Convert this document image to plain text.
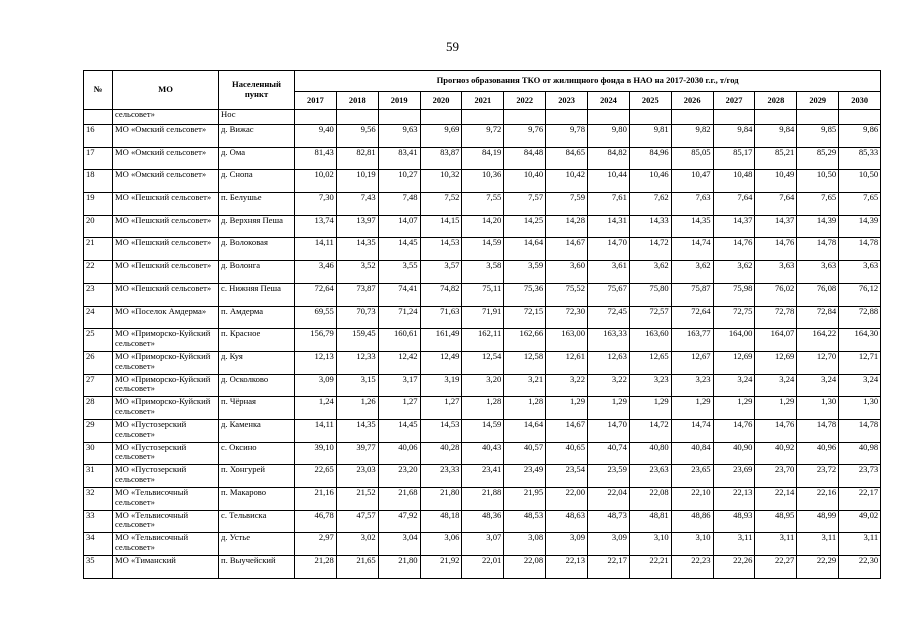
59
№	МО	Населенный пункт	Прогноз образования ТКО от жилищного фонда в НАО на 2017-2030 г.г., т/год													
			2017	2018	2019	2020	2021	2022	2023	2024	2025	2026	2027	2028	2029	2030
	сельсовет»	Нос														
16	МО «Омский сельсовет»	д. Вижас	9,40	9,56	9,63	9,69	9,72	9,76	9,78	9,80	9,81	9,82	9,84	9,84	9,85	9,86
17	МО «Омский сельсовет»	д. Ома	81,43	82,81	83,41	83,87	84,19	84,48	84,65	84,82	84,96	85,05	85,17	85,21	85,29	85,33
18	МО «Омский сельсовет»	д. Снопа	10,02	10,19	10,27	10,32	10,36	10,40	10,42	10,44	10,46	10,47	10,48	10,49	10,50	10,50
19	МО «Пешский сельсовет»	п. Белушье	7,30	7,43	7,48	7,52	7,55	7,57	7,59	7,61	7,62	7,63	7,64	7,64	7,65	7,65
20	МО «Пешский сельсовет»	д. Верхняя Пеша	13,74	13,97	14,07	14,15	14,20	14,25	14,28	14,31	14,33	14,35	14,37	14,37	14,39	14,39
21	МО «Пешский сельсовет»	д. Волоковая	14,11	14,35	14,45	14,53	14,59	14,64	14,67	14,70	14,72	14,74	14,76	14,76	14,78	14,78
22	МО «Пешский сельсовет»	д. Волонга	3,46	3,52	3,55	3,57	3,58	3,59	3,60	3,61	3,62	3,62	3,62	3,63	3,63	3,63
23	МО «Пешский сельсовет»	с. Нижняя Пеша	72,64	73,87	74,41	74,82	75,11	75,36	75,52	75,67	75,80	75,87	75,98	76,02	76,08	76,12
24	МО «Поселок Амдерма»	п. Амдерма	69,55	70,73	71,24	71,63	71,91	72,15	72,30	72,45	72,57	72,64	72,75	72,78	72,84	72,88
25	МО «Приморско-Куйский сельсовет»	п. Красное	156,79	159,45	160,61	161,49	162,11	162,66	163,00	163,33	163,60	163,77	164,00	164,07	164,22	164,30
26	МО «Приморско-Куйский сельсовет»	д. Куя	12,13	12,33	12,42	12,49	12,54	12,58	12,61	12,63	12,65	12,67	12,69	12,69	12,70	12,71
27	МО «Приморско-Куйский сельсовет»	д. Осколково	3,09	3,15	3,17	3,19	3,20	3,21	3,22	3,22	3,23	3,23	3,24	3,24	3,24	3,24
28	МО «Приморско-Куйский сельсовет»	п. Чёрная	1,24	1,26	1,27	1,27	1,28	1,28	1,29	1,29	1,29	1,29	1,29	1,29	1,30	1,30
29	МО «Пустозерский сельсовет»	д. Каменка	14,11	14,35	14,45	14,53	14,59	14,64	14,67	14,70	14,72	14,74	14,76	14,76	14,78	14,78
30	МО «Пустозерский сельсовет»	с. Оксино	39,10	39,77	40,06	40,28	40,43	40,57	40,65	40,74	40,80	40,84	40,90	40,92	40,96	40,98
31	МО «Пустозерский сельсовет»	п. Хонгурей	22,65	23,03	23,20	23,33	23,41	23,49	23,54	23,59	23,63	23,65	23,69	23,70	23,72	23,73
32	МО «Тельвисочный сельсовет»	п. Макарово	21,16	21,52	21,68	21,80	21,88	21,95	22,00	22,04	22,08	22,10	22,13	22,14	22,16	22,17
33	МО «Тельвисочный сельсовет»	с. Тельвиска	46,78	47,57	47,92	48,18	48,36	48,53	48,63	48,73	48,81	48,86	48,93	48,95	48,99	49,02
34	МО «Тельвисочный сельсовет»	д. Устье	2,97	3,02	3,04	3,06	3,07	3,08	3,09	3,09	3,10	3,10	3,11	3,11	3,11	3,11
35	МО «Тиманский	п. Выучейский	21,28	21,65	21,80	21,92	22,01	22,08	22,13	22,17	22,21	22,23	22,26	22,27	22,29	22,30
